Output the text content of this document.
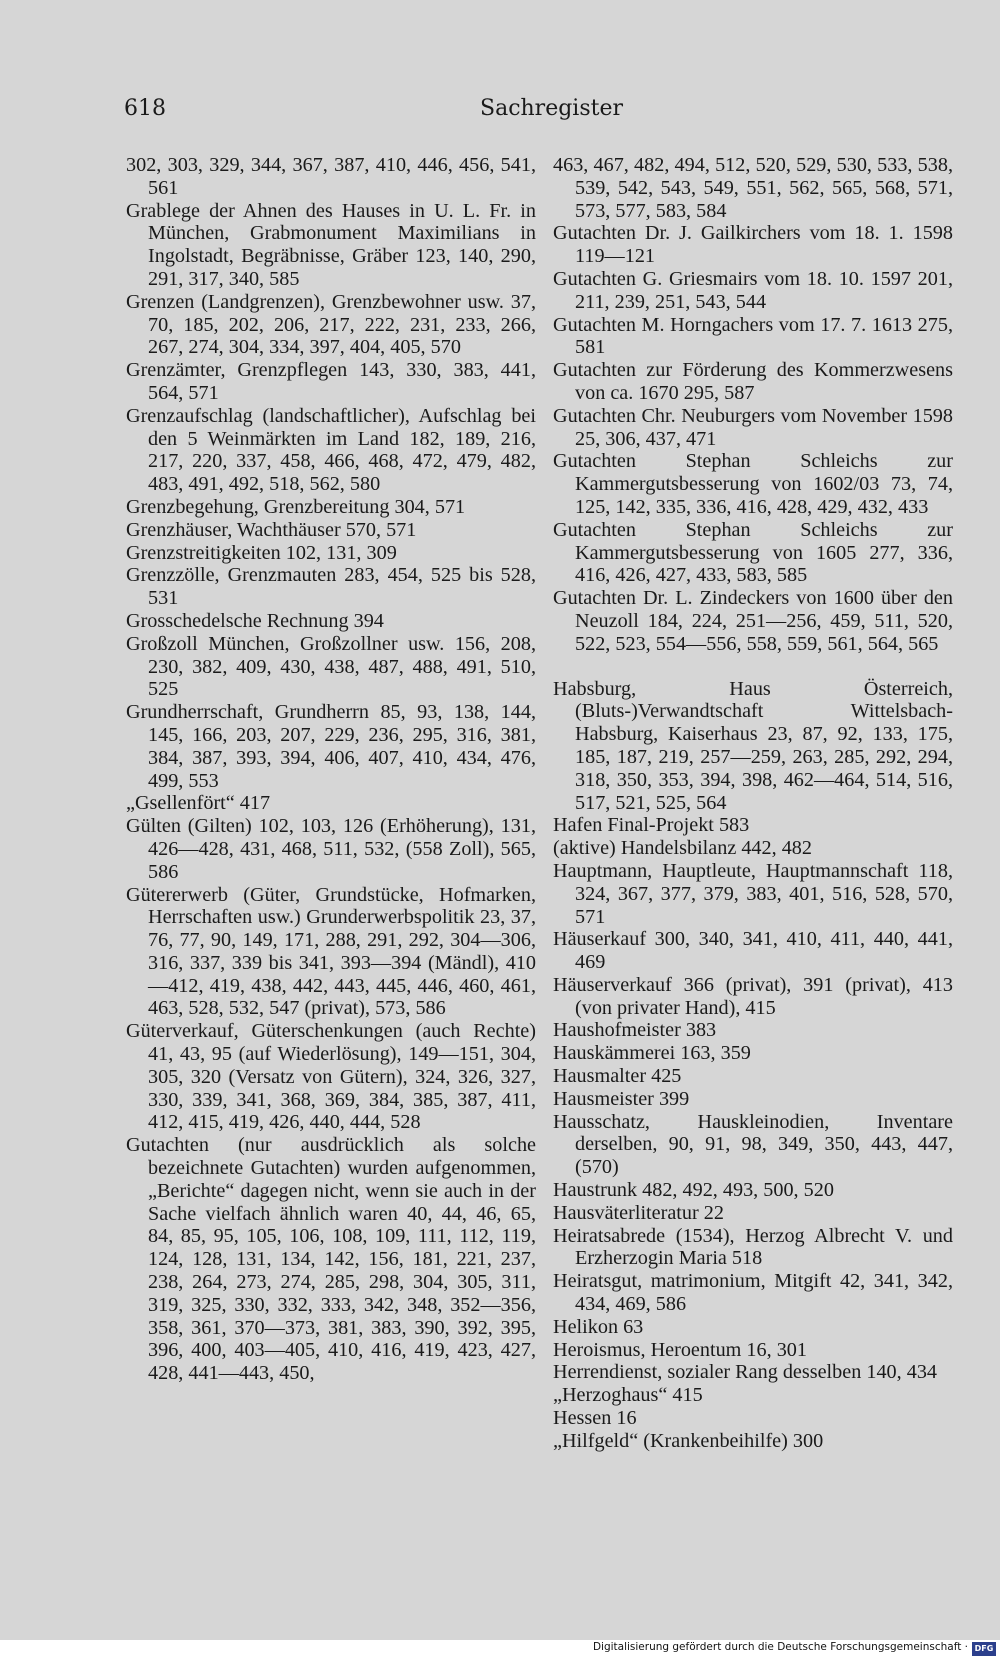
618	Sachregister

302, 303, 329, 344, 367, 387, 410, 446, 456, 541, 561

Grablege der Ahnen des Hauses in U. L. Fr. in München, Grabmonument Maximilians in Ingolstadt, Begräbnisse, Gräber 123, 140, 290, 291, 317, 340, 585

Grenzen (Landgrenzen), Grenzbewohner usw. 37, 70, 185, 202, 206, 217, 222, 231, 233, 266, 267, 274, 304, 334, 397, 404, 405, 570

Grenzämter, Grenzpflegen 143, 330, 383, 441, 564, 571

Grenzaufschlag (landschaftlicher), Aufschlag bei den 5 Weinmärkten im Land 182, 189, 216, 217, 220, 337, 458, 466, 468, 472, 479, 482, 483, 491, 492, 518, 562, 580

Grenzbegehung, Grenzbereitung 304, 571

Grenzhäuser, Wachthäuser 570, 571

Grenzstreitigkeiten 102, 131, 309

Grenzzölle, Grenzmauten 283, 454, 525 bis 528, 531

Grosschedelsche Rechnung 394

Großzoll München, Großzollner usw. 156, 208, 230, 382, 409, 430, 438, 487, 488, 491, 510, 525

Grundherrschaft, Grundherrn 85, 93, 138, 144, 145, 166, 203, 207, 229, 236, 295, 316, 381, 384, 387, 393, 394, 406, 407, 410, 434, 476, 499, 553

„Gsellenfört“ 417

Gülten (Gilten) 102, 103, 126 (Erhöherung), 131, 426—428, 431, 468, 511, 532, (558 Zoll), 565, 586

Gütererwerb (Güter, Grundstücke, Hofmarken, Herrschaften usw.) Grunderwerbspolitik 23, 37, 76, 77, 90, 149, 171, 288, 291, 292, 304—306, 316, 337, 339 bis 341, 393—394 (Mändl), 410—412, 419, 438, 442, 443, 445, 446, 460, 461, 463, 528, 532, 547 (privat), 573, 586

Güterverkauf, Güterschenkungen (auch Rechte) 41, 43, 95 (auf Wiederlösung), 149—151, 304, 305, 320 (Versatz von Gütern), 324, 326, 327, 330, 339, 341, 368, 369, 384, 385, 387, 411, 412, 415, 419, 426, 440, 444, 528

Gutachten (nur ausdrücklich als solche bezeichnete Gutachten) wurden aufgenommen, „Berichte“ dagegen nicht, wenn sie auch in der Sache vielfach ähnlich waren 40, 44, 46, 65, 84, 85, 95, 105, 106, 108, 109, 111, 112, 119, 124, 128, 131, 134, 142, 156, 181, 221, 237, 238, 264, 273, 274, 285, 298, 304, 305, 311, 319, 325, 330, 332, 333, 342, 348, 352—356, 358, 361, 370—373, 381, 383, 390, 392, 395, 396, 400, 403—405, 410, 416, 419, 423, 427, 428, 441—443, 450,

463, 467, 482, 494, 512, 520, 529, 530, 533, 538, 539, 542, 543, 549, 551, 562, 565, 568, 571, 573, 577, 583, 584

Gutachten Dr. J. Gailkirchers vom 18. 1. 1598 119—121

Gutachten G. Griesmairs vom 18. 10. 1597 201, 211, 239, 251, 543, 544

Gutachten M. Horngachers vom 17. 7. 1613 275, 581

Gutachten zur Förderung des Kommerzwesens von ca. 1670 295, 587

Gutachten Chr. Neuburgers vom November 1598 25, 306, 437, 471

Gutachten Stephan Schleichs zur Kammergutsbesserung von 1602/03 73, 74, 125, 142, 335, 336, 416, 428, 429, 432, 433

Gutachten Stephan Schleichs zur Kammergutsbesserung von 1605 277, 336, 416, 426, 427, 433, 583, 585

Gutachten Dr. L. Zindeckers von 1600 über den Neuzoll 184, 224, 251—256, 459, 511, 520, 522, 523, 554—556, 558, 559, 561, 564, 565

Habsburg, Haus Österreich, (Bluts-)Verwandtschaft Wittelsbach-Habsburg, Kaiserhaus 23, 87, 92, 133, 175, 185, 187, 219, 257—259, 263, 285, 292, 294, 318, 350, 353, 394, 398, 462—464, 514, 516, 517, 521, 525, 564

Hafen Final-Projekt 583

(aktive) Handelsbilanz 442, 482

Hauptmann, Hauptleute, Hauptmannschaft 118, 324, 367, 377, 379, 383, 401, 516, 528, 570, 571

Häuserkauf 300, 340, 341, 410, 411, 440, 441, 469

Häuserverkauf 366 (privat), 391 (privat), 413 (von privater Hand), 415

Haushofmeister 383

Hauskämmerei 163, 359

Hausmalter 425

Hausmeister 399

Hausschatz, Hauskleinodien, Inventare derselben, 90, 91, 98, 349, 350, 443, 447, (570)

Haustrunk 482, 492, 493, 500, 520

Hausväterliteratur 22

Heiratsabrede (1534), Herzog Albrecht V. und Erzherzogin Maria 518

Heiratsgut, matrimonium, Mitgift 42, 341, 342, 434, 469, 586

Helikon 63

Heroismus, Heroentum 16, 301

Herrendienst, sozialer Rang desselben 140, 434

„Herzoghaus“ 415

Hessen 16

„Hilfgeld“ (Krankenbeihilfe) 300

Digitalisierung gefördert durch die Deutsche Forschungsgemeinschaft · DFG
